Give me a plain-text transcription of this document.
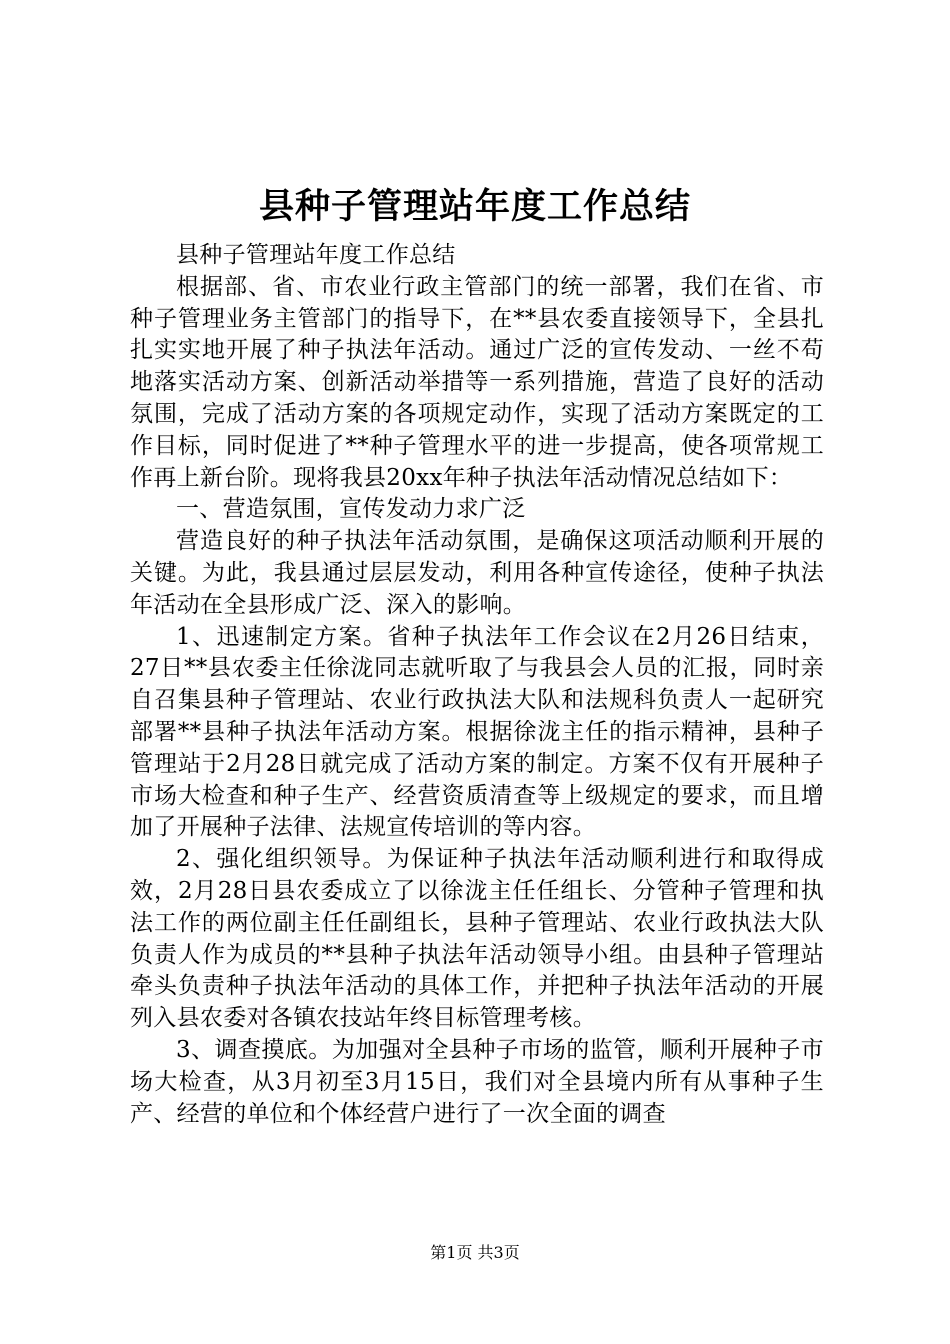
县种子管理站年度工作总结

县种子管理站年度工作总结

根据部、省、市农业行政主管部门的统一部署，我们在省、市种子管理业务主管部门的指导下，在**县农委直接领导下，全县扎扎实实地开展了种子执法年活动。通过广泛的宣传发动、一丝不苟地落实活动方案、创新活动举措等一系列措施，营造了良好的活动氛围，完成了活动方案的各项规定动作，实现了活动方案既定的工作目标，同时促进了**种子管理水平的进一步提高，使各项常规工作再上新台阶。现将我县20xx年种子执法年活动情况总结如下：

一、营造氛围，宣传发动力求广泛

营造良好的种子执法年活动氛围，是确保这项活动顺利开展的关键。为此，我县通过层层发动，利用各种宣传途径，使种子执法年活动在全县形成广泛、深入的影响。

1、迅速制定方案。省种子执法年工作会议在2月26日结束，27日**县农委主任徐泷同志就听取了与我县会人员的汇报，同时亲自召集县种子管理站、农业行政执法大队和法规科负责人一起研究部署**县种子执法年活动方案。根据徐泷主任的指示精神，县种子管理站于2月28日就完成了活动方案的制定。方案不仅有开展种子市场大检查和种子生产、经营资质清查等上级规定的要求，而且增加了开展种子法律、法规宣传培训的等内容。

2、强化组织领导。为保证种子执法年活动顺利进行和取得成效，2月28日县农委成立了以徐泷主任任组长、分管种子管理和执法工作的两位副主任任副组长，县种子管理站、农业行政执法大队负责人作为成员的**县种子执法年活动领导小组。由县种子管理站牵头负责种子执法年活动的具体工作，并把种子执法年活动的开展列入县农委对各镇农技站年终目标管理考核。

3、调查摸底。为加强对全县种子市场的监管，顺利开展种子市场大检查，从3月初至3月15日，我们对全县境内所有从事种子生产、经营的单位和个体经营户进行了一次全面的调查

第1页 共3页
